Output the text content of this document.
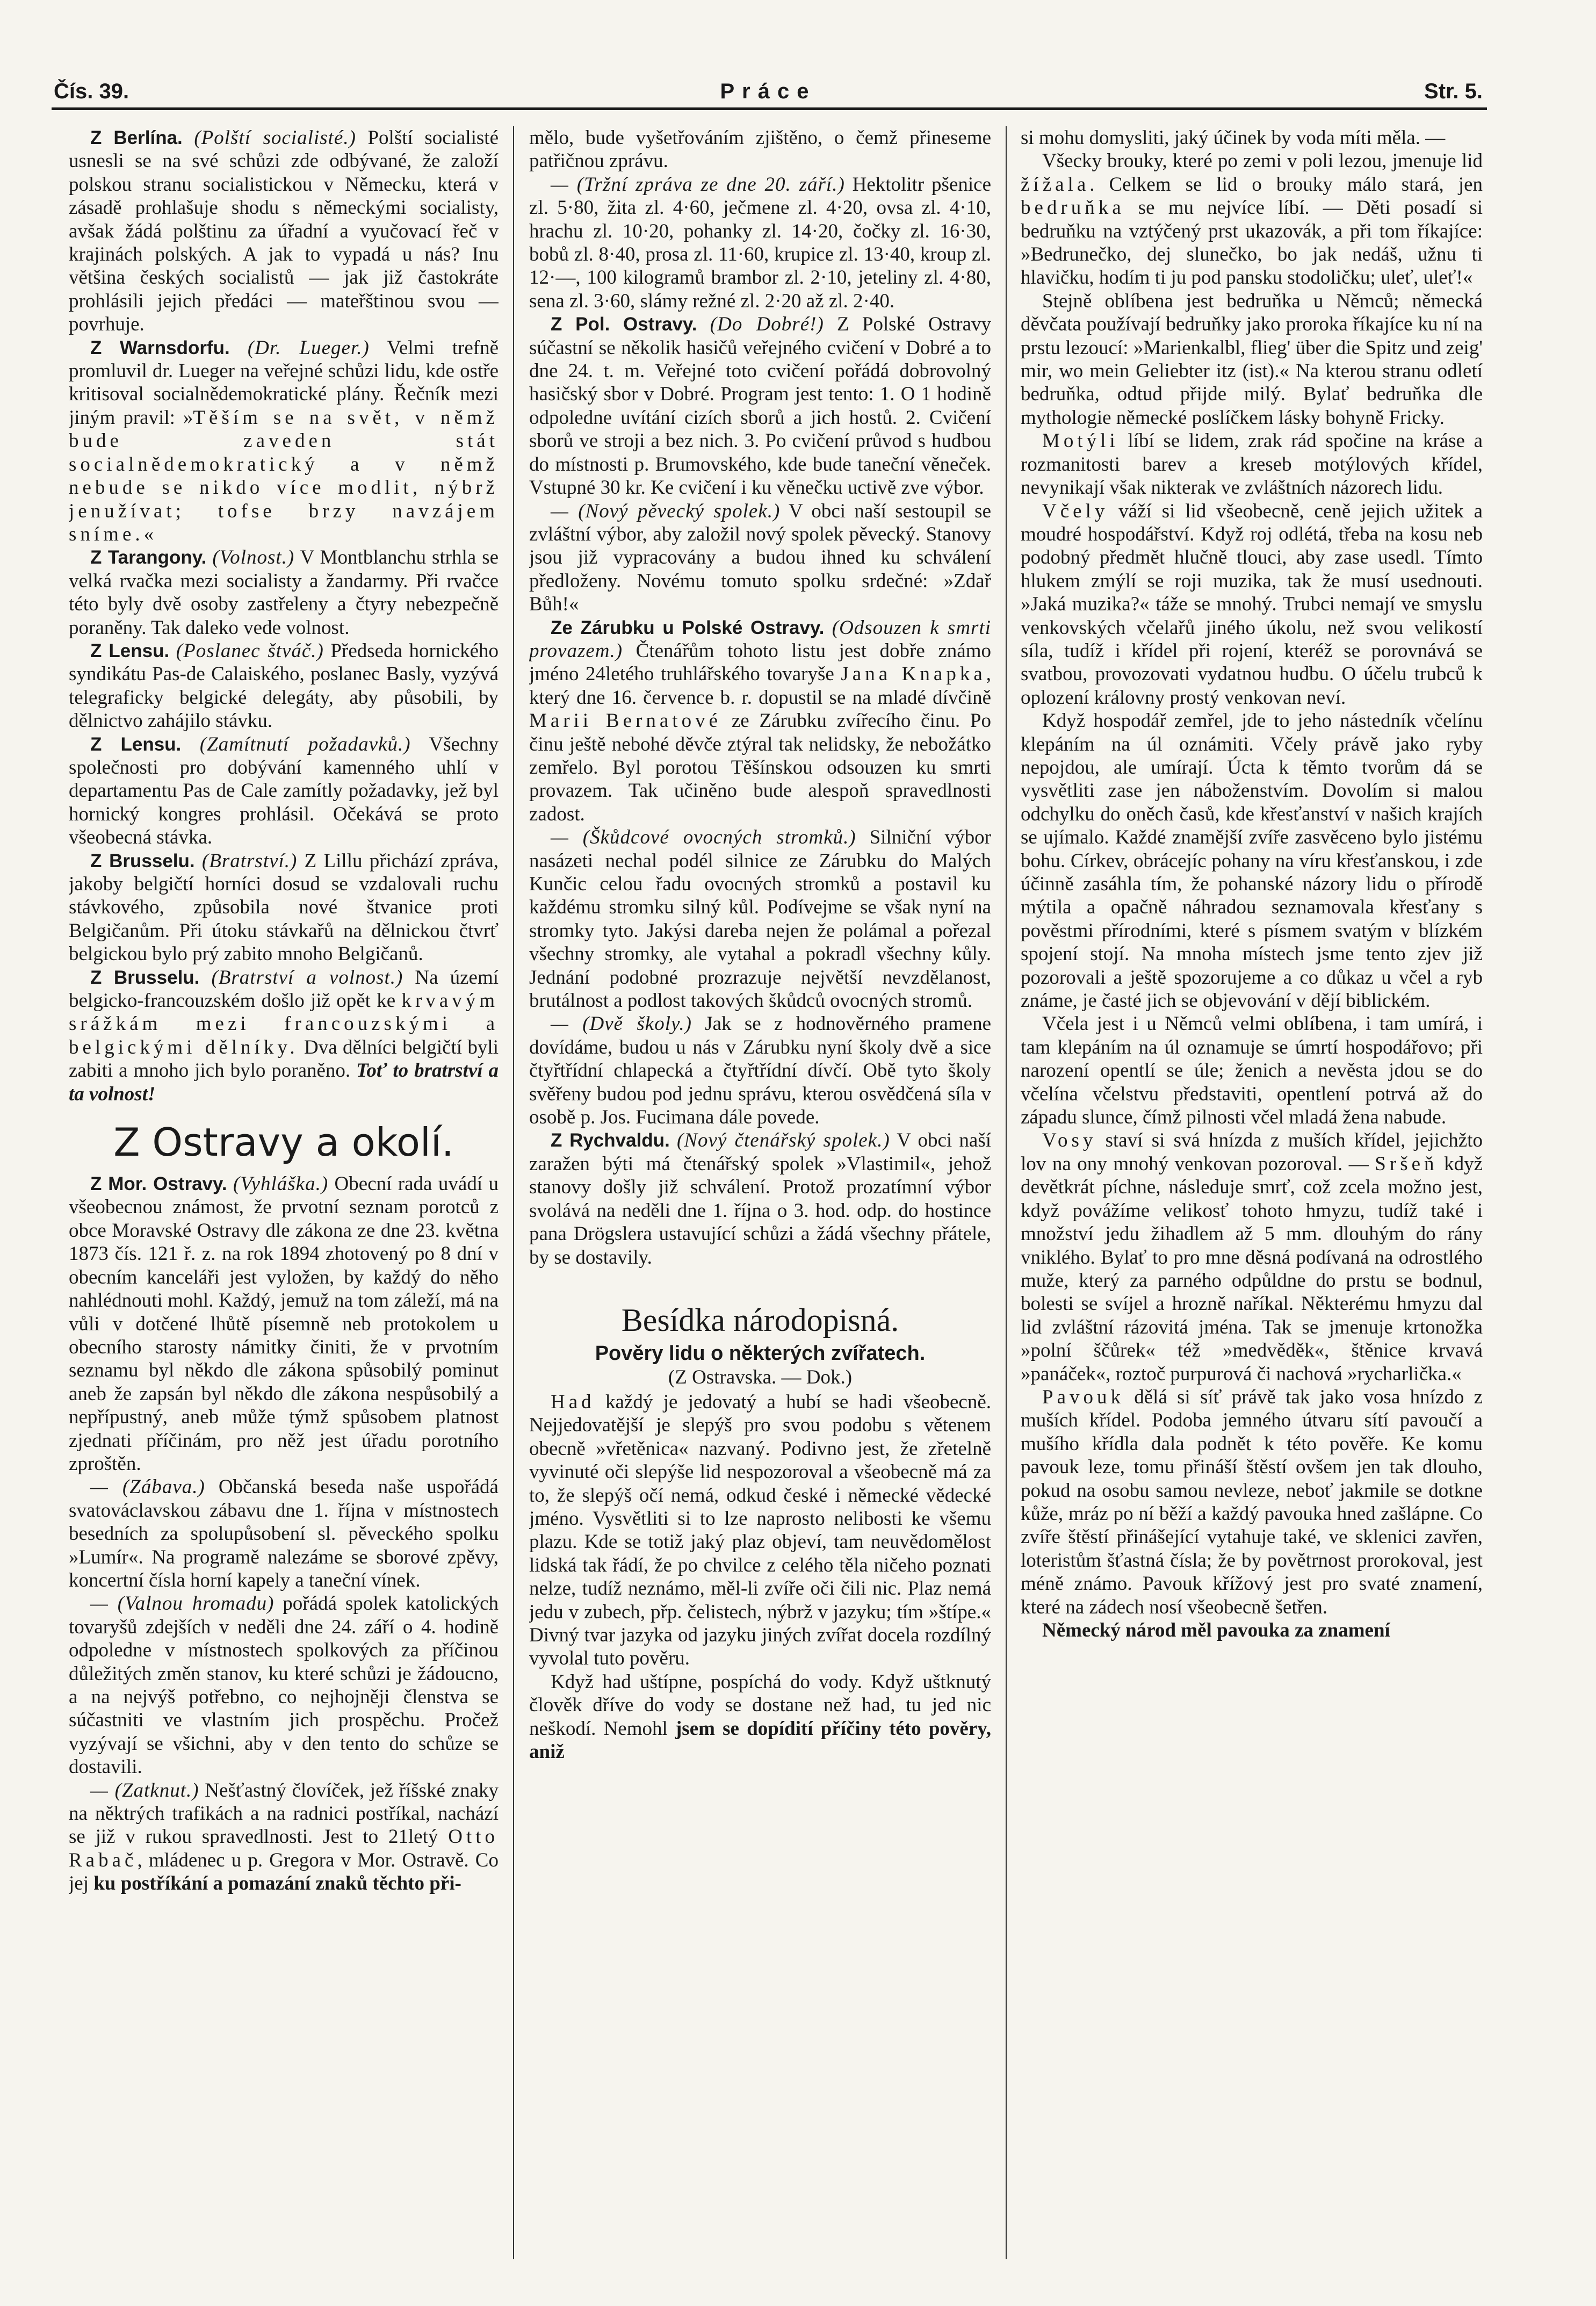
Čís. 39.	Práce	Str. 5.

Z Berlína. (Polští socialisté.) Polští socialisté usnesli se na své schůzi zde odbývané, že založí polskou stranu socialistickou v Německu, která v zásadě prohlašuje shodu s německými socialisty, avšak žádá polštinu za úřadní a vyučovací řeč v krajinách polských. A jak to vypadá u nás? Inu většina českých socialistů — jak již častokráte prohlásili jejich předáci — mateřštinou svou — povrhuje.

Z Warnsdorfu. (Dr. Lueger.) Velmi trefně promluvil dr. Lueger na veřejné schůzi lidu, kde ostře kritisoval socialnědemokratické plány. Řečník mezi jiným pravil: »Těším se na svět, v němž bude zaveden stát socialnědemokratický a v němž nebude se nikdo více modlit, nýbrž jenužívat; tofse brzy navzájem snímе.«

Z Tarangony. (Volnost.) V Montblanchu strhla se velká rvačka mezi socialisty a žandarmy. Při rvačce této byly dvě osoby zastřeleny a čtyry nebezpečně poraněny. Tak daleko vede volnost.

Z Lensu. (Poslanec štváč.) Předseda hornického syndikátu Pas-de Calaiského, poslanec Basly, vyzývá telegraficky belgické delegáty, aby působili, by dělnictvo zahájilo stávku.

Z Lensu. (Zamítnutí požadavků.) Všechny společnosti pro dobývání kamenného uhlí v departamentu Pas de Cale zamítly požadavky, jež byl hornický kongres prohlásil. Očekává se proto všeobecná stávka.

Z Brusselu. (Bratrství.) Z Lillu přichází zpráva, jakoby belgičtí horníci dosud se vzdalovali ruchu stávkového, způsobila nové štvanice proti Belgičanům. Při útoku stávkařů na dělnickou čtvrť belgickou bylo prý zabito mnoho Belgičanů.

Z Brusselu. (Bratrství a volnost.) Na území belgicko-francouzském došlo již opět ke krvavým srážkám mezi francouzskými a belgickými dělníky. Dva dělníci belgičtí byli zabiti a mnoho jich bylo poraněno. Toť to bratrství a ta volnost!

Z Ostravy a okolí.

Z Mor. Ostravy. (Vyhláška.) Obecní rada uvádí u všeobecnou známost, že prvotní seznam porotců z obce Moravské Ostravy dle zákona ze dne 23. května 1873 čís. 121 ř. z. na rok 1894 zhotovený po 8 dní v obecním kanceláři jest vyložen, by každý do něho nahlédnouti mohl. Každý, jemuž na tom záleží, má na vůli v dotčené lhůtě písemně neb protokolem u obecního starosty námitky činiti, že v prvotním seznamu byl někdo dle zákona spůsobilý pominut aneb že zapsán byl někdo dle zákona nespůsobilý a nepřípustný, aneb může týmž spůsobem platnost zjednati příčinám, pro něž jest úřadu porotního zproštěn.

— (Zábava.) Občanská beseda naše uspořádá svatováclavskou zábavu dne 1. října v místnostech besedních za spolupůsobení sl. pěveckého spolku »Lumír«. Na programě nalezáme se sborové zpěvy, koncertní čísla horní kapely a taneční vínek.

— (Valnou hromadu) pořádá spolek katolických tovaryšů zdejších v neděli dne 24. září o 4. hodině odpoledne v místnostech spolkových za příčinou důležitých změn stanov, ku které schůzi je žádoucno, a na nejvýš potřebno, co nejhojněji členstva se súčastniti ve vlastním jich prospěchu. Pročež vyzývají se všichni, aby v den tento do schůze se dostavili.

— (Zatknut.) Nešťastný človíček, jež říšské znaky na něktrých trafikách a na radnici postříkal, nachází se již v rukou spravedlnosti. Jest to 21letý Otto Rabač, mládenec u p. Gregora v Mor. Ostravě. Co jej ku postříkání a pomazání znaků těchto při-

mělo, bude vyšetřováním zjištěno, o čemž přineseme patřičnou zprávu.

— (Tržní zpráva ze dne 20. září.) Hektolitr pšenice zl. 5·80, žita zl. 4·60, ječmene zl. 4·20, ovsa zl. 4·10, hrachu zl. 10·20, pohanky zl. 14·20, čočky zl. 16·30, bobů zl. 8·40, prosa zl. 11·60, krupice zl. 13·40, kroup zl. 12·—, 100 kilogramů brambor zl. 2·10, jeteliny zl. 4·80, sena zl. 3·60, slámy režné zl. 2·20 až zl. 2·40.

Z Pol. Ostravy. (Do Dobré!) Z Polské Ostravy súčastní se několik hasičů veřejného cvičení v Dobré a to dne 24. t. m. Veřejné toto cvičení pořádá dobrovolný hasičský sbor v Dobré. Program jest tento: 1. O 1 hodině odpoledne uvítání cizích sborů a jich hostů. 2. Cvičení sborů ve stroji a bez nich. 3. Po cvičení průvod s hudbou do místnosti p. Brumovského, kde bude taneční věneček. Vstupné 30 kr. Ke cvičení i ku věnečku uctivě zve výbor.

— (Nový pěvecký spolek.) V obci naší sestoupil se zvláštní výbor, aby založil nový spolek pěvecký. Stanovy jsou již vypracovány a budou ihned ku schválení předloženy. Novému tomuto spolku srdečné: »Zdař Bůh!«

Ze Zárubku u Polské Ostravy. (Odsouzen k smrti provazem.) Čtenářům tohoto listu jest dobře známo jméno 24letého truhlářského tovaryše Jana Knapka, který dne 16. července b. r. dopustil se na mladé dívčině Marii Bernatové ze Zárubku zvířecího činu. Po činu ještě nebohé děvče ztýral tak nelidsky, že nebožátko zemřelo. Byl porotou Těšínskou odsouzen ku smrti provazem. Tak učiněno bude alespoň spravedlnosti zadost.

— (Škůdcové ovocných stromků.) Silniční výbor nasázeti nechal podél silnice ze Zárubku do Malých Kunčic celou řadu ovocných stromků a postavil ku každému stromku silný kůl. Podívejme se však nyní na stromky tyto. Jakýsi dareba nejen že polámal a pořezal všechny stromky, ale vytahal a pokradl všechny kůly. Jednání podobné prozrazuje největší nevzdělanost, brutálnost a podlost takových škůdců ovocných stromů.

— (Dvě školy.) Jak se z hodnověrného pramene dovídáme, budou u nás v Zárubku nyní školy dvě a sice čtyřtřídní chlapecká a čtyřtřídní dívčí. Obě tyto školy svěřeny budou pod jednu správu, kterou osvědčená síla v osobě p. Jos. Fucimana dále povede.

Z Rychvaldu. (Nový čtenářský spolek.) V obci naší zaražen býti má čtenářský spolek »Vlastimil«, jehož stanovy došly již schválení. Protož prozatímní výbor svolává na neděli dne 1. října o 3. hod. odp. do hostince pana Drögslera ustavující schůzi a žádá všechny přátele, by se dostavily.

Besídka národopisná.
Pověry lidu o některých zvířatech.
(Z Ostravska. — Dok.)

Had každý je jedovatý a hubí se hadi všeobecně. Nejjedovatější je slepýš pro svou podobu s větenem obecně »vřetěnica« nazvaný. Podivno jest, že zřetelně vyvinuté oči slepýše lid nespozoroval a všeobecně má za to, že slepýš očí nemá, odkud české i německé vědecké jméno. Vysvětliti si to lze naprosto nelibosti ke všemu plazu. Kde se totiž jaký plaz objeví, tam neuvědomělost lidská tak řádí, že po chvilce z celého těla ničeho poznati nelze, tudíž neznámo, měl-li zvíře oči čili nic. Plaz nemá jedu v zubech, přp. čelistech, nýbrž v jazyku; tím »štípe.« Divný tvar jazyka od jazyku jiných zvířat docela rozdílný vyvolal tuto pověru.

Když had uštípne, pospíchá do vody. Když uštknutý člověk dříve do vody se dostane než had, tu jed nic neškodí. Nemohl jsem se dopídití příčiny této pověry, aniž

si mohu domysliti, jaký účinek by voda míti měla. —

Všecky brouky, které po zemi v poli lezou, jmenuje lid žížala. Celkem se lid o brouky málo stará, jen bedruňka se mu nejvíce líbí. — Děti posadí si bedruňku na vztýčený prst ukazovák, a při tom říkajíce: »Bedrunečko, dej slunečko, bo jak nedáš, užnu ti hlavičku, hodím ti ju pod pansku stodoličku; uleť, uleť!«

Stejně oblíbena jest bedruňka u Němců; německá děvčata používají bedruňky jako proroka říkajíce ku ní na prstu lezoucí: »Marienkalbl, flieg' über die Spitz und zeig' mir, wo mein Geliebter itz (ist).« Na kterou stranu odletí bedruňka, odtud přijde milý. Bylať bedruňka dle mythologie německé poslíčkem lásky bohyně Fricky.

Motýli líbí se lidem, zrak rád spočine na kráse a rozmanitosti barev a kreseb motýlových křídel, nevynikají však nikterak ve zvláštních názorech lidu.

Včely váží si lid všeobecně, ceně jejich užitek a moudré hospodářství. Když roj odlétá, třeba na kosu neb podobný předmět hlučně tlouci, aby zase usedl. Tímto hlukem zmýlí se roji muzika, tak že musí usednouti. »Jaká muzika?« táže se mnohý. Trubci nemají ve smyslu venkovských včelařů jiného úkolu, než svou velikostí síla, tudíž i křídel při rojení, kteréž se porovnává se svatbou, provozovati vydatnou hudbu. O účelu trubců k oplození královny prostý venkovan neví.

Když hospodář zemřel, jde to jeho nástedník včelínu klepáním na úl oznámiti. Včely právě jako ryby nepojdou, ale umírají. Úcta k těmto tvorům dá se vysvětliti zase jen náboženstvím. Dovolím si malou odchylku do oněch časů, kde křesťanství v našich krajích se ujímalo. Každé znamější zvíře zasvěceno bylo jistému bohu. Církev, obrácejíc pohany na víru křesťanskou, i zde účinně zasáhla tím, že pohanské názory lidu o přírodě mýtila a opačně náhradou seznamovala křesťany s pověstmi přírodními, které s písmem svatým v blízkém spojení stojí. Na mnoha místech jsme tento zjev již pozorovali a ještě spozorujeme a co důkaz u včel a ryb známe, je časté jich se objevování v dějí biblickém.

Včela jest i u Němců velmi oblíbena, i tam umírá, i tam klepáním na úl oznamuje se úmrtí hospodářovo; při narození opentlí se úle; ženich a nevěsta jdou se do včelína včelstvu představiti, opentlení potrvá až do západu slunce, čímž pilnosti včel mladá žena nabude.

Vosy staví si svá hnízda z muších křídel, jejichžto lov na ony mnohý venkovan pozoroval. — Sršeň když devětkrát píchne, následuje smrť, což zcela možno jest, když povážíme velikosť tohoto hmyzu, tudíž také i množství jedu žihadlem až 5 mm. dlouhým do rány vniklého. Bylať to pro mne děsná podívaná na odrostlého muže, který za parného odpůldne do prstu se bodnul, bolesti se svíjel a hrozně naříkal. Některému hmyzu dal lid zvláštní rázovitá jména. Tak se jmenuje krtonožka »polní ščůrek« též »medvěděk«, štěnice krvavá »panáček«, roztoč purpurová či nachová »rycharlička.«

Pavouk dělá si síť právě tak jako vosa hnízdo z muších křídel. Podoba jemného útvaru sítí pavoučí a mušího křídla dala podnět k této pověře. Ke komu pavouk leze, tomu přináší štěstí ovšem jen tak dlouho, pokud na osobu samou nevleze, neboť jakmile se dotkne kůže, mráz po ní běží a každý pavouka hned zašlápne. Co zvíře štěstí přinášející vytahuje také, ve sklenici zavřen, loteristům šťastná čísla; že by povětrnost prorokoval, jest méně známo. Pavouk křížový jest pro svaté znamení, které na zádech nosí všeobecně šetřen.

Německý národ měl pavouka za znamení
